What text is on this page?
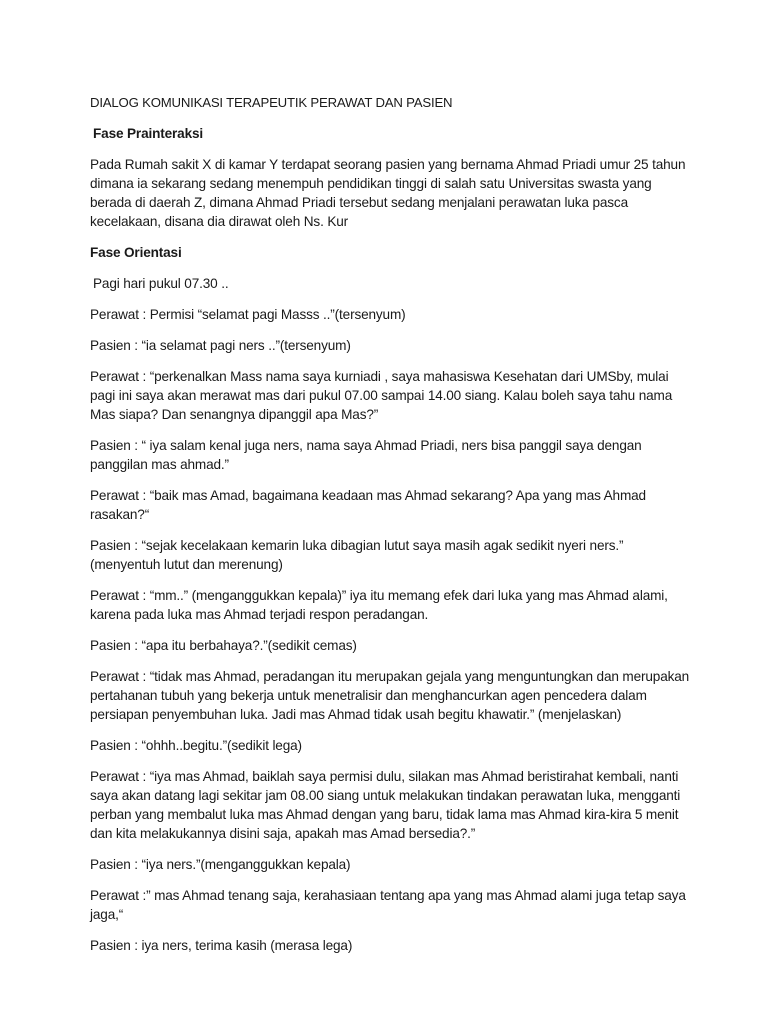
DIALOG KOMUNIKASI TERAPEUTIK PERAWAT DAN PASIEN

Fase Prainteraksi

Pada Rumah sakit X di kamar Y terdapat seorang pasien yang bernama Ahmad Priadi umur 25 tahun dimana ia sekarang sedang menempuh pendidikan tinggi di salah satu Universitas swasta yang berada di daerah Z, dimana Ahmad Priadi tersebut sedang menjalani perawatan luka pasca kecelakaan, disana dia dirawat oleh Ns. Kur

Fase Orientasi

Pagi hari pukul 07.30 ..

Perawat : Permisi “selamat pagi Masss ..”(tersenyum)

Pasien : “ia selamat pagi ners ..”(tersenyum)

Perawat : “perkenalkan Mass nama saya kurniadi , saya mahasiswa Kesehatan dari UMSby, mulai pagi ini saya akan merawat mas dari pukul 07.00 sampai 14.00 siang. Kalau boleh saya tahu nama Mas siapa? Dan senangnya dipanggil apa Mas?”

Pasien : “ iya salam kenal juga ners, nama saya Ahmad Priadi, ners bisa panggil saya dengan panggilan mas ahmad.”

Perawat : “baik mas Amad, bagaimana keadaan mas Ahmad sekarang? Apa yang mas Ahmad rasakan?“

Pasien : “sejak kecelakaan kemarin luka dibagian lutut saya masih agak sedikit nyeri ners.” (menyentuh lutut dan merenung)

Perawat : “mm..” (menganggukkan kepala)” iya itu memang efek dari luka yang mas Ahmad alami, karena pada luka mas Ahmad terjadi respon peradangan.

Pasien : “apa itu berbahaya?.”(sedikit cemas)

Perawat : “tidak mas Ahmad, peradangan itu merupakan gejala yang menguntungkan dan merupakan pertahanan tubuh yang bekerja untuk menetralisir dan menghancurkan agen pencedera dalam persiapan penyembuhan luka. Jadi mas Ahmad tidak usah begitu khawatir.” (menjelaskan)

Pasien : “ohhh..begitu.”(sedikit lega)

Perawat : “iya mas Ahmad, baiklah saya permisi dulu, silakan mas Ahmad beristirahat kembali, nanti saya akan datang lagi sekitar jam 08.00 siang untuk melakukan tindakan perawatan luka, mengganti perban yang membalut luka mas Ahmad dengan yang baru, tidak lama mas Ahmad kira-kira 5 menit dan kita melakukannya disini saja, apakah mas Amad bersedia?.”

Pasien : “iya ners.”(menganggukkan kepala)

Perawat :” mas Ahmad tenang saja, kerahasiaan tentang apa yang mas Ahmad alami juga tetap saya jaga,“

Pasien : iya ners, terima kasih (merasa lega)
